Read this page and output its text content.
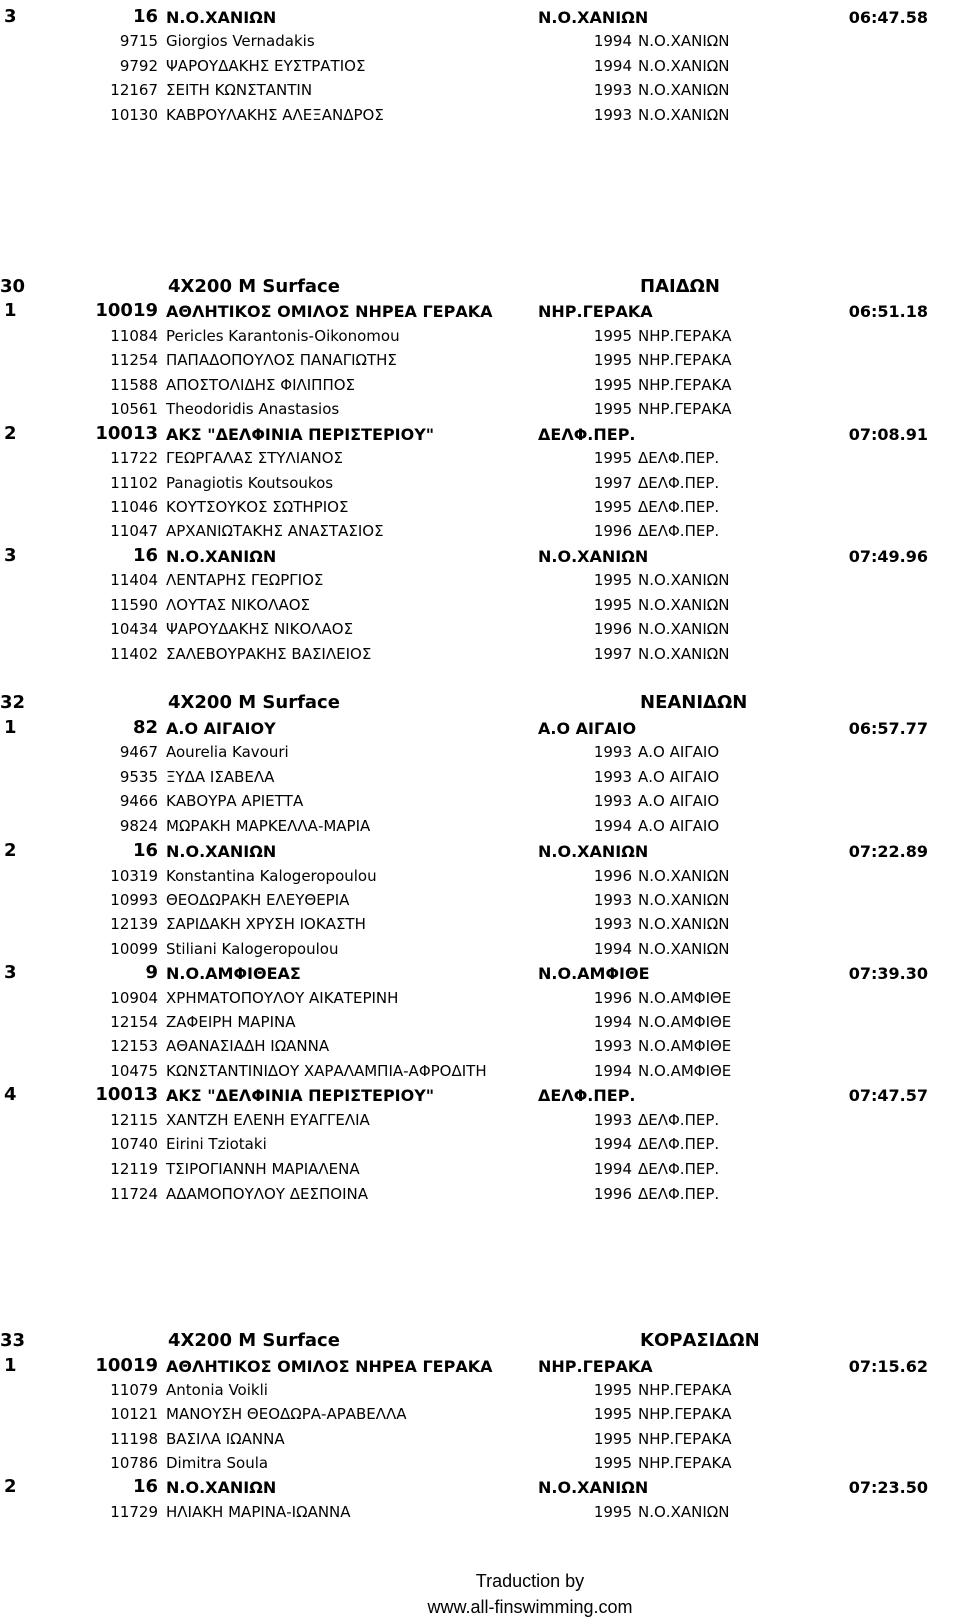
3	16 Ν.Ο.ΧΑΝΙΩΝ	Ν.Ο.ΧΑΝΙΩΝ	06:47.58
9715 Giorgios Vernadakis	1994 Ν.Ο.ΧΑΝΙΩΝ
9792 ΨΑΡΟΥΔΑΚΗΣ ΕΥΣΤΡΑΤΙΟΣ	1994 Ν.Ο.ΧΑΝΙΩΝ
12167 ΣΕΙΤΗ ΚΩΝΣΤΑΝΤΙΝ	1993 Ν.Ο.ΧΑΝΙΩΝ
10130 ΚΑΒΡΟΥΛΑΚΗΣ ΑΛΕΞΑΝΔΡΟΣ	1993 Ν.Ο.ΧΑΝΙΩΝ
30	4X200 M Surface	ΠΑΙΔΩΝ
1	10019 ΑΘΛΗΤΙΚΟΣ ΟΜΙΛΟΣ ΝΗΡΕΑ ΓΕΡΑΚΑ	ΝΗΡ.ΓΕΡΑΚΑ	06:51.18
11084 Pericles Karantonis-Oikonomou	1995 ΝΗΡ.ΓΕΡΑΚΑ
11254 ΠΑΠΑΔΟΠΟΥΛΟΣ ΠΑΝΑΓΙΩΤΗΣ	1995 ΝΗΡ.ΓΕΡΑΚΑ
11588 ΑΠΟΣΤΟΛΙΔΗΣ ΦΙΛΙΠΠΟΣ	1995 ΝΗΡ.ΓΕΡΑΚΑ
10561 Theodoridis Anastasios	1995 ΝΗΡ.ΓΕΡΑΚΑ
2	10013 ΑΚΣ "ΔΕΛΦΙΝΙΑ ΠΕΡΙΣΤΕΡΙΟΥ"	ΔΕΛΦ.ΠΕΡ.	07:08.91
11722 ΓΕΩΡΓΑΛΑΣ ΣΤΥΛΙΑΝΟΣ	1995 ΔΕΛΦ.ΠΕΡ.
11102 Panagiotis Koutsoukos	1997 ΔΕΛΦ.ΠΕΡ.
11046 ΚΟΥΤΣΟΥΚΟΣ ΣΩΤΗΡΙΟΣ	1995 ΔΕΛΦ.ΠΕΡ.
11047 ΑΡΧΑΝΙΩΤΑΚΗΣ ΑΝΑΣΤΑΣΙΟΣ	1996 ΔΕΛΦ.ΠΕΡ.
3	16 Ν.Ο.ΧΑΝΙΩΝ	Ν.Ο.ΧΑΝΙΩΝ	07:49.96
11404 ΛΕΝΤΑΡΗΣ ΓΕΩΡΓΙΟΣ	1995 Ν.Ο.ΧΑΝΙΩΝ
11590 ΛΟΥΤΑΣ ΝΙΚΟΛΑΟΣ	1995 Ν.Ο.ΧΑΝΙΩΝ
10434 ΨΑΡΟΥΔΑΚΗΣ ΝΙΚΟΛΑΟΣ	1996 Ν.Ο.ΧΑΝΙΩΝ
11402 ΣΑΛΕΒΟΥΡΑΚΗΣ ΒΑΣΙΛΕΙΟΣ	1997 Ν.Ο.ΧΑΝΙΩΝ
32	4X200 M Surface	ΝΕΑΝΙΔΩΝ
1	82 Α.Ο ΑΙΓΑΙΟΥ	Α.Ο ΑΙΓΑΙΟ	06:57.77
9467 Aourelia Kavouri	1993 Α.Ο ΑΙΓΑΙΟ
9535 ΞΥΔΑ ΙΣΑΒΕΛΑ	1993 Α.Ο ΑΙΓΑΙΟ
9466 ΚΑΒΟΥΡΑ ΑΡΙΕΤΤΑ	1993 Α.Ο ΑΙΓΑΙΟ
9824 ΜΩΡΑΚΗ ΜΑΡΚΕΛΛΑ-ΜΑΡΙΑ	1994 Α.Ο ΑΙΓΑΙΟ
2	16 Ν.Ο.ΧΑΝΙΩΝ	Ν.Ο.ΧΑΝΙΩΝ	07:22.89
10319 Konstantina Kalogeropoulou	1996 Ν.Ο.ΧΑΝΙΩΝ
10993 ΘΕΟΔΩΡΑΚΗ ΕΛΕΥΘΕΡΙΑ	1993 Ν.Ο.ΧΑΝΙΩΝ
12139 ΣΑΡΙΔΑΚΗ ΧΡΥΣΗ ΙΟΚΑΣΤΗ	1993 Ν.Ο.ΧΑΝΙΩΝ
10099 Stiliani Kalogeropoulou	1994 Ν.Ο.ΧΑΝΙΩΝ
3	9 Ν.Ο.ΑΜΦΙΘΕΑΣ	Ν.Ο.ΑΜΦΙΘΕ	07:39.30
10904 ΧΡΗΜΑΤΟΠΟΥΛΟΥ ΑΙΚΑΤΕΡΙΝΗ	1996 Ν.Ο.ΑΜΦΙΘΕ
12154 ΖΑΦΕΙΡΗ ΜΑΡΙΝΑ	1994 Ν.Ο.ΑΜΦΙΘΕ
12153 ΑΘΑΝΑΣΙΑΔΗ ΙΩΑΝΝΑ	1993 Ν.Ο.ΑΜΦΙΘΕ
10475 ΚΩΝΣΤΑΝΤΙΝΙΔΟΥ ΧΑΡΑΛΑΜΠΙΑ-ΑΦΡΟΔΙΤΗ	1994 Ν.Ο.ΑΜΦΙΘΕ
4	10013 ΑΚΣ "ΔΕΛΦΙΝΙΑ ΠΕΡΙΣΤΕΡΙΟΥ"	ΔΕΛΦ.ΠΕΡ.	07:47.57
12115 ΧΑΝΤΖΗ ΕΛΕΝΗ ΕΥΑΓΓΕΛΙΑ	1993 ΔΕΛΦ.ΠΕΡ.
10740 Eirini Tziotaki	1994 ΔΕΛΦ.ΠΕΡ.
12119 ΤΣΙΡΟΓΙΑΝΝΗ ΜΑΡΙΑΛΕΝΑ	1994 ΔΕΛΦ.ΠΕΡ.
11724 ΑΔΑΜΟΠΟΥΛΟΥ ΔΕΣΠΟΙΝΑ	1996 ΔΕΛΦ.ΠΕΡ.
33	4X200 M Surface	ΚΟΡΑΣΙΔΩΝ
1	10019 ΑΘΛΗΤΙΚΟΣ ΟΜΙΛΟΣ ΝΗΡΕΑ ΓΕΡΑΚΑ	ΝΗΡ.ΓΕΡΑΚΑ	07:15.62
11079 Antonia Voikli	1995 ΝΗΡ.ΓΕΡΑΚΑ
10121 ΜΑΝΟΥΣΗ ΘΕΟΔΩΡΑ-ΑΡΑΒΕΛΛΑ	1995 ΝΗΡ.ΓΕΡΑΚΑ
11198 ΒΑΣΙΛΑ ΙΩΑΝΝΑ	1995 ΝΗΡ.ΓΕΡΑΚΑ
10786 Dimitra Soula	1995 ΝΗΡ.ΓΕΡΑΚΑ
2	16 Ν.Ο.ΧΑΝΙΩΝ	Ν.Ο.ΧΑΝΙΩΝ	07:23.50
11729 ΗΛΙΑΚΗ ΜΑΡΙΝΑ-ΙΩΑΝΝΑ	1995 Ν.Ο.ΧΑΝΙΩΝ
Traduction by
www.all-finswimming.com
